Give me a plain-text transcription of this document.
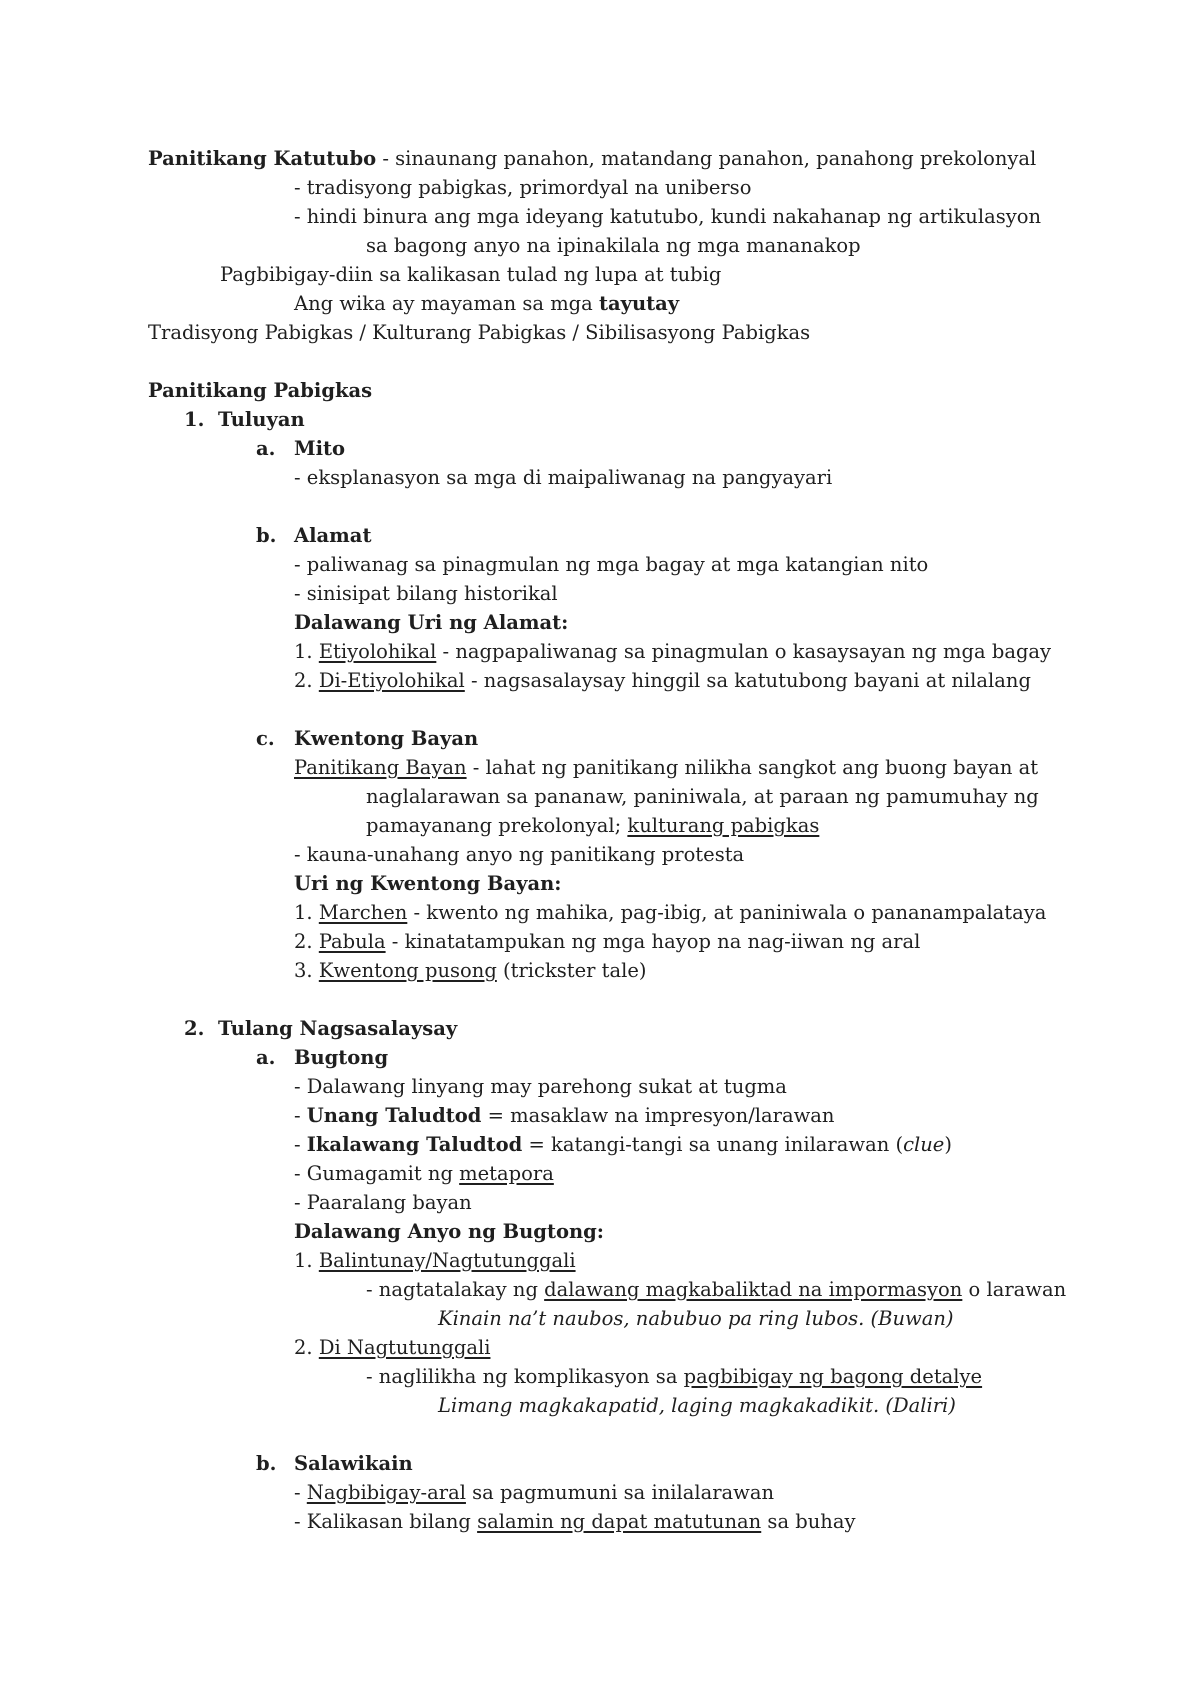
Panitikang Katutubo - sinaunang panahon, matandang panahon, panahong prekolonyal
- tradisyong pabigkas, primordyal na uniberso
- hindi binura ang mga ideyang katutubo, kundi nakahanap ng artikulasyon
sa bagong anyo na ipinakilala ng mga mananakop
Pagbibigay-diin sa kalikasan tulad ng lupa at tubig
Ang wika ay mayaman sa mga tayutay
Tradisyong Pabigkas / Kulturang Pabigkas / Sibilisasyong Pabigkas
Panitikang Pabigkas
1. Tuluyan
a. Mito
- eksplanasyon sa mga di maipaliwanag na pangyayari
b. Alamat
- paliwanag sa pinagmulan ng mga bagay at mga katangian nito
- sinisipat bilang historikal
Dalawang Uri ng Alamat:
1. Etiyolohikal - nagpapaliwanag sa pinagmulan o kasaysayan ng mga bagay
2. Di-Etiyolohikal - nagsasalaysay hinggil sa katutubong bayani at nilalang
c. Kwentong Bayan
Panitikang Bayan - lahat ng panitikang nilikha sangkot ang buong bayan at
naglalarawan sa pananaw, paniniwala, at paraan ng pamumuhay ng
pamayanang prekolonyal; kulturang pabigkas
- kauna-unahang anyo ng panitikang protesta
Uri ng Kwentong Bayan:
1. Marchen - kwento ng mahika, pag-ibig, at paniniwala o pananampalataya
2. Pabula - kinatatampukan ng mga hayop na nag-iiwan ng aral
3. Kwentong pusong (trickster tale)
2. Tulang Nagsasalaysay
a. Bugtong
- Dalawang linyang may parehong sukat at tugma
- Unang Taludtod = masaklaw na impresyon/larawan
- Ikalawang Taludtod = katangi-tangi sa unang inilarawan (clue)
- Gumagamit ng metapora
- Paaralang bayan
Dalawang Anyo ng Bugtong:
1. Balintunay/Nagtutunggali
- nagtatalakay ng dalawang magkabaliktad na impormasyon o larawan
Kinain na’t naubos, nabubuo pa ring lubos. (Buwan)
2. Di Nagtutunggali
- naglilikha ng komplikasyon sa pagbibigay ng bagong detalye
Limang magkakapatid, laging magkakadikit. (Daliri)
b. Salawikain
- Nagbibigay-aral sa pagmumuni sa inilalarawan
- Kalikasan bilang salamin ng dapat matutunan sa buhay
